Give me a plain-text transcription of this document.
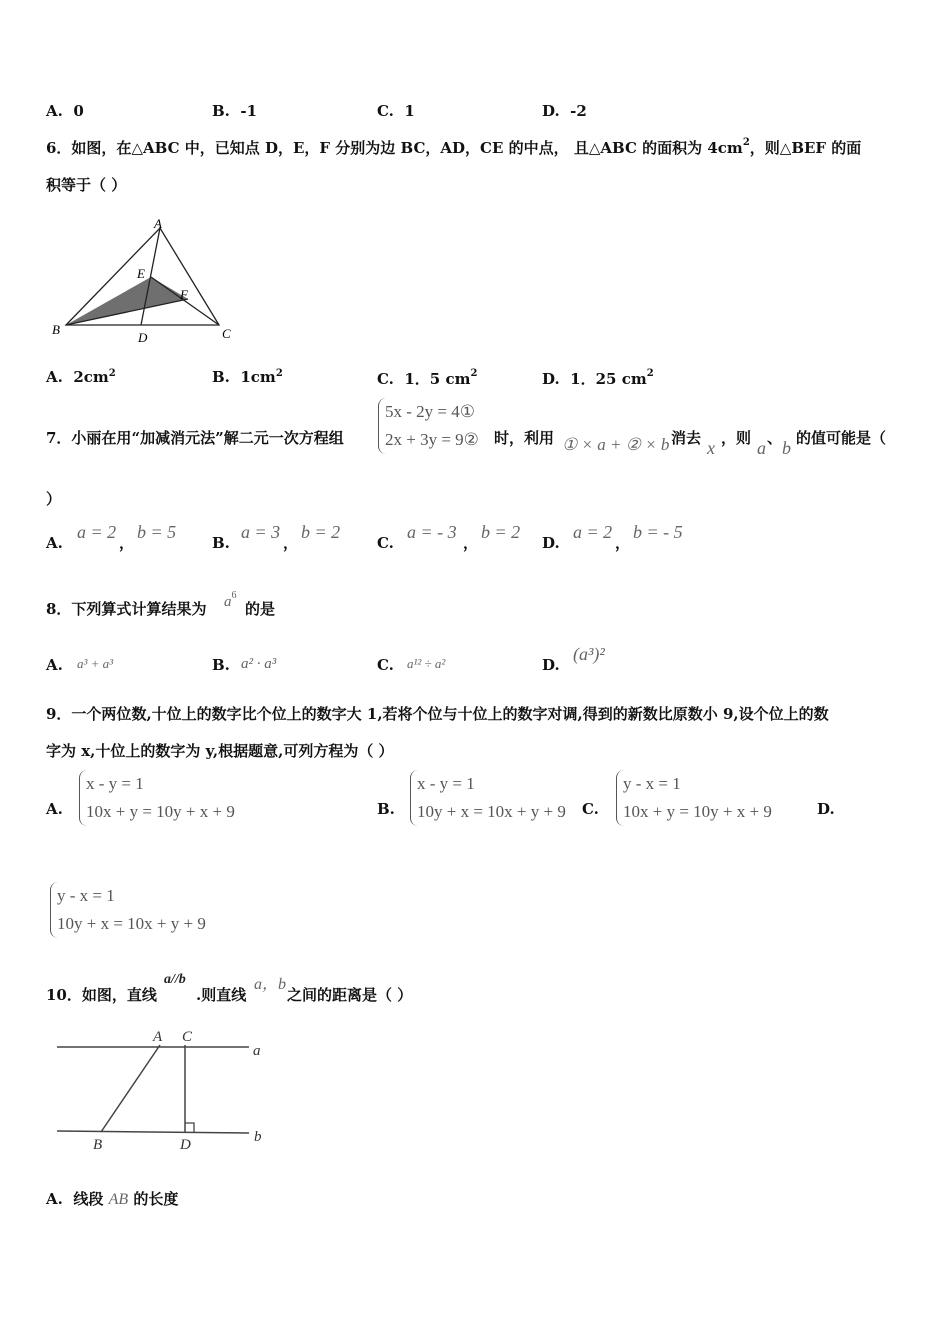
A. 0	B. -1	C. 1	D. -2
6．如图，在△ABC 中，已知点 D，E，F 分别为边 BC，AD，CE 的中点， 且△ABC 的面积为 $4cm^2$，则△BEF 的面
积等于（ ）
A
B	C
D
E
F
A. $2cm^2$	B. $1cm^2$	C. 1．5 $cm^2$	D. 1．25 $cm^2$
7．小丽在用“加减消元法”解二元一次方程组
5x - 2y = 4①
2x + 3y = 9② 时，利用 ① × a + ② × b 消去 x ，则 a 、 b 的值可能是（
）
A.
a = 2
，
b = 5
B.
a = 3
，
b = 2
C.
a = - 3
，
b = 2
D.
a = 2
，
b = - 5
8．下列算式计算结果为 $a^6$
的是
A. a³ + a³	B. a² · a³	C. a¹² ÷ a²	D.
(a³)²
9．一个两位数,十位上的数字比个位上的数字大 1,若将个位与十位上的数字对调,得到的新数比原数小 9,设个位上的数
字为 x,十位上的数字为 y,根据题意,可列方程为（ ）
A.
x - y = 1
10x + y = 10y + x + 9	B.
x - y = 1
10y + x = 10x + y + 9 C.
y - x = 1
10x + y = 10y + x + 9	D.
y - x = 1
10y + x = 10x + y + 9
10．如图，直线
a//b
.则直线
a，b
之间的距离是（ ）
A C
a
B	D	b
A. 线段 AB 的长度
